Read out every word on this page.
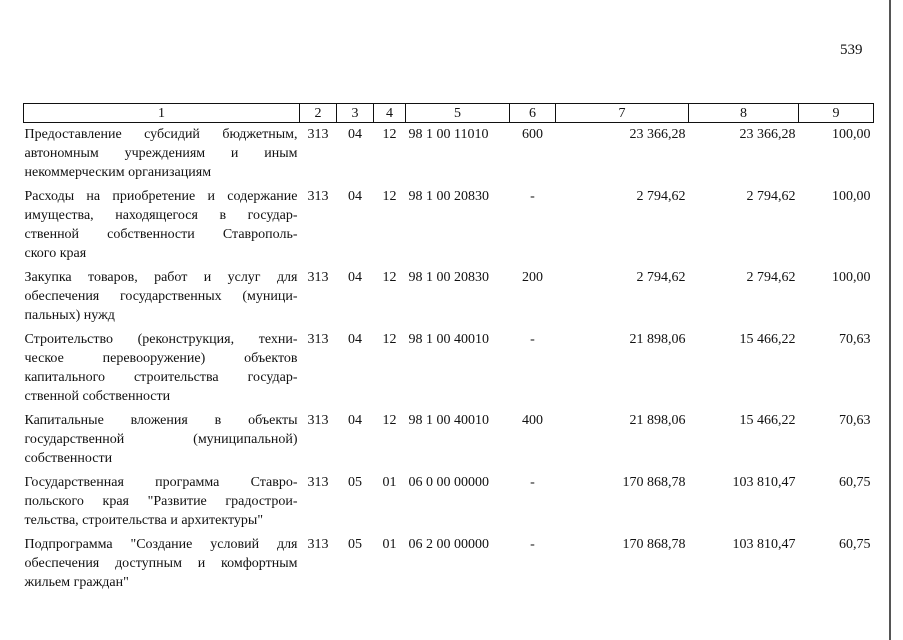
539
1	2	3	4	5	6	7	8	9

Предоставление субсидий бюджетным,
автономным учреждениям и иным
некоммерческим организациям	313	04	12	98 1 00 11010	600	23 366,28	23 366,28	100,00

Расходы на приобретение и содержание
имущества, находящегося в государ-
ственной собственности Ставрополь-
ского края	313	04	12	98 1 00 20830	-	2 794,62	2 794,62	100,00

Закупка товаров, работ и услуг для
обеспечения государственных (муници-
пальных) нужд	313	04	12	98 1 00 20830	200	2 794,62	2 794,62	100,00

Строительство (реконструкция, техни-
ческое перевооружение) объектов
капитального строительства государ-
ственной собственности	313	04	12	98 1 00 40010	-	21 898,06	15 466,22	70,63

Капитальные вложения в объекты
государственной (муниципальной)
собственности	313	04	12	98 1 00 40010	400	21 898,06	15 466,22	70,63

Государственная программа Ставро-
польского края "Развитие градострои-
тельства, строительства и архитектуры"	313	05	01	06 0 00 00000	-	170 868,78	103 810,47	60,75

Подпрограмма "Создание условий для
обеспечения доступным и комфортным
жильем граждан"	313	05	01	06 2 00 00000	-	170 868,78	103 810,47	60,75
